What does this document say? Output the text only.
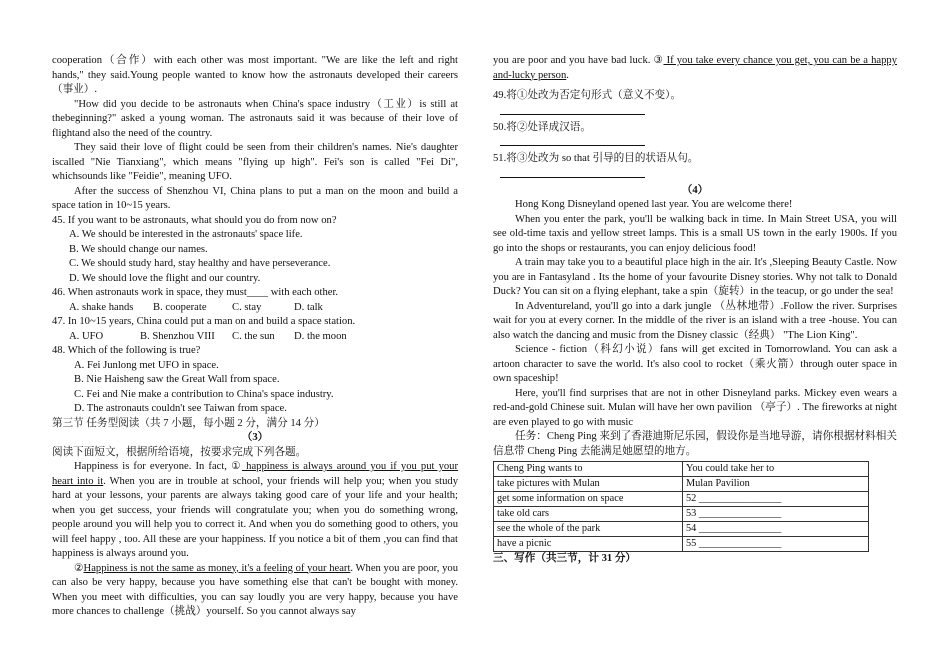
cooperation（合作）with each other was most important. "We are like the left and right hands," they said.Young people wanted to know how the astronauts developed their careers（事业）.

"How did you decide to be astronauts when China's space industry（工业）is still at thebeginning?" asked a young woman. The astronauts said it was because of their love of flightand also the need of the country.

They said their love of flight could be seen from their children's names. Nie's daughter iscalled "Nie Tianxiang", which means "flying up high". Fei's son is called "Fei Di", whichsounds like "Feidie", meaning UFO.

After the success of Shenzhou VI, China plans to put a man on the moon and build a space tation in 10~15 years.

45. If you want to be astronauts, what should you do from now on?

A. We should be interested in the astronauts' space life.

B. We should change our names.

C. We should study hard, stay healthy and have perseverance.

D. We should love the flight and our country.

46. When astronauts work in space, they must____ with each other.

A. shake hands	B. cooperate	C. stay	D. talk

47. In 10~15 years, China could put a man on and build a space station.

A. UFO	B. Shenzhou VIII	C. the sun	D. the moon

48. Which of the following is true?

A. Fei Junlong met UFO in space.

B. Nie Haisheng saw the Great Wall from space.

C. Fei and Nie make a contribution to China's space industry.

D. The astronauts couldn't see Taiwan from space.

第三节 任务型阅读（共 7 小题，每小题 2 分，满分 14 分）

（3）

阅读下面短文，根据所给语境，按要求完成下列各题。

Happiness is for everyone. In fact, ① happiness is always around you if you put your heart into it. When you are in trouble at school, your friends will help you; when you study hard at your lessons, your parents are always taking good care of your life and your health; when you get success, your friends will congratulate you; when you do something wrong, people around you will help you to correct it. And when you do something good to others, you will feel happy , too. All these are your happiness. If you notice a bit of them ,you can find that happiness is always around you.

②Happiness is not the same as money, it's a feeling of your heart. When you are poor, you can also be very happy, because you have something else that can't be bought with money. When you meet with difficulties, you can say loudly you are very happy, because you have more chances to challenge（挑战）yourself. So you cannot always say

you are poor and you have bad luck. ③ If you take every chance you get, you can be a happy and-lucky person.

49.将①处改为否定句形式（意义不变）。

50.将②处译成汉语。

51.将③处改为 so that 引导的目的状语从句。

（4）

Hong Kong Disneyland opened last year. You are welcome there!

When you enter the park, you'll be walking back in time. In Main Street USA, you will see old-time taxis and yellow street lamps. This is a small US town in the early 1900s. If you go into the shops or restaurants, you can enjoy delicious food!

A train may take you to a beautiful place high in the air. It's ,Sleeping Beauty Castle. Now you are in Fantasyland . Its the home of your favourite Disney stories. Why not talk to Donald Duck? You can sit on a flying elephant, take a spin（旋转）in the teacup, or go under the sea!

In Adventureland, you'll go into a dark jungle （丛林地带）.Follow the river. Surprises wait for you at every corner. In the middle of the river is an island with a tree -house. You can also watch the dancing and music from the Disney classic（经典） "The Lion King".

Science - fiction（科幻小说）fans will get excited in Tomorrowland. You can ask a artoon character to save the world. It's also cool to rocket（乘火箭）through outer space in own spaceship!

Here, you'll find surprises that are not in other Disneyland parks. Mickey even wears a red-and-gold Chinese suit. Mulan will have her own pavilion （亭子）. The fireworks at night are even played to go with music

任务：Cheng Ping 来到了香港迪斯尼乐园，假设你是当地导游，请你根据材料相关信息带 Cheng Ping 去能满足她愿望的地方。

Cheng Ping wants to	You could take her to
take pictures with Mulan	Mulan Pavilion
get some information on space	52 ________________
take old cars	53 ________________
see the whole of the park	54 ________________
have a picnic	55 ________________

三、写作（共三节，计 31 分）
